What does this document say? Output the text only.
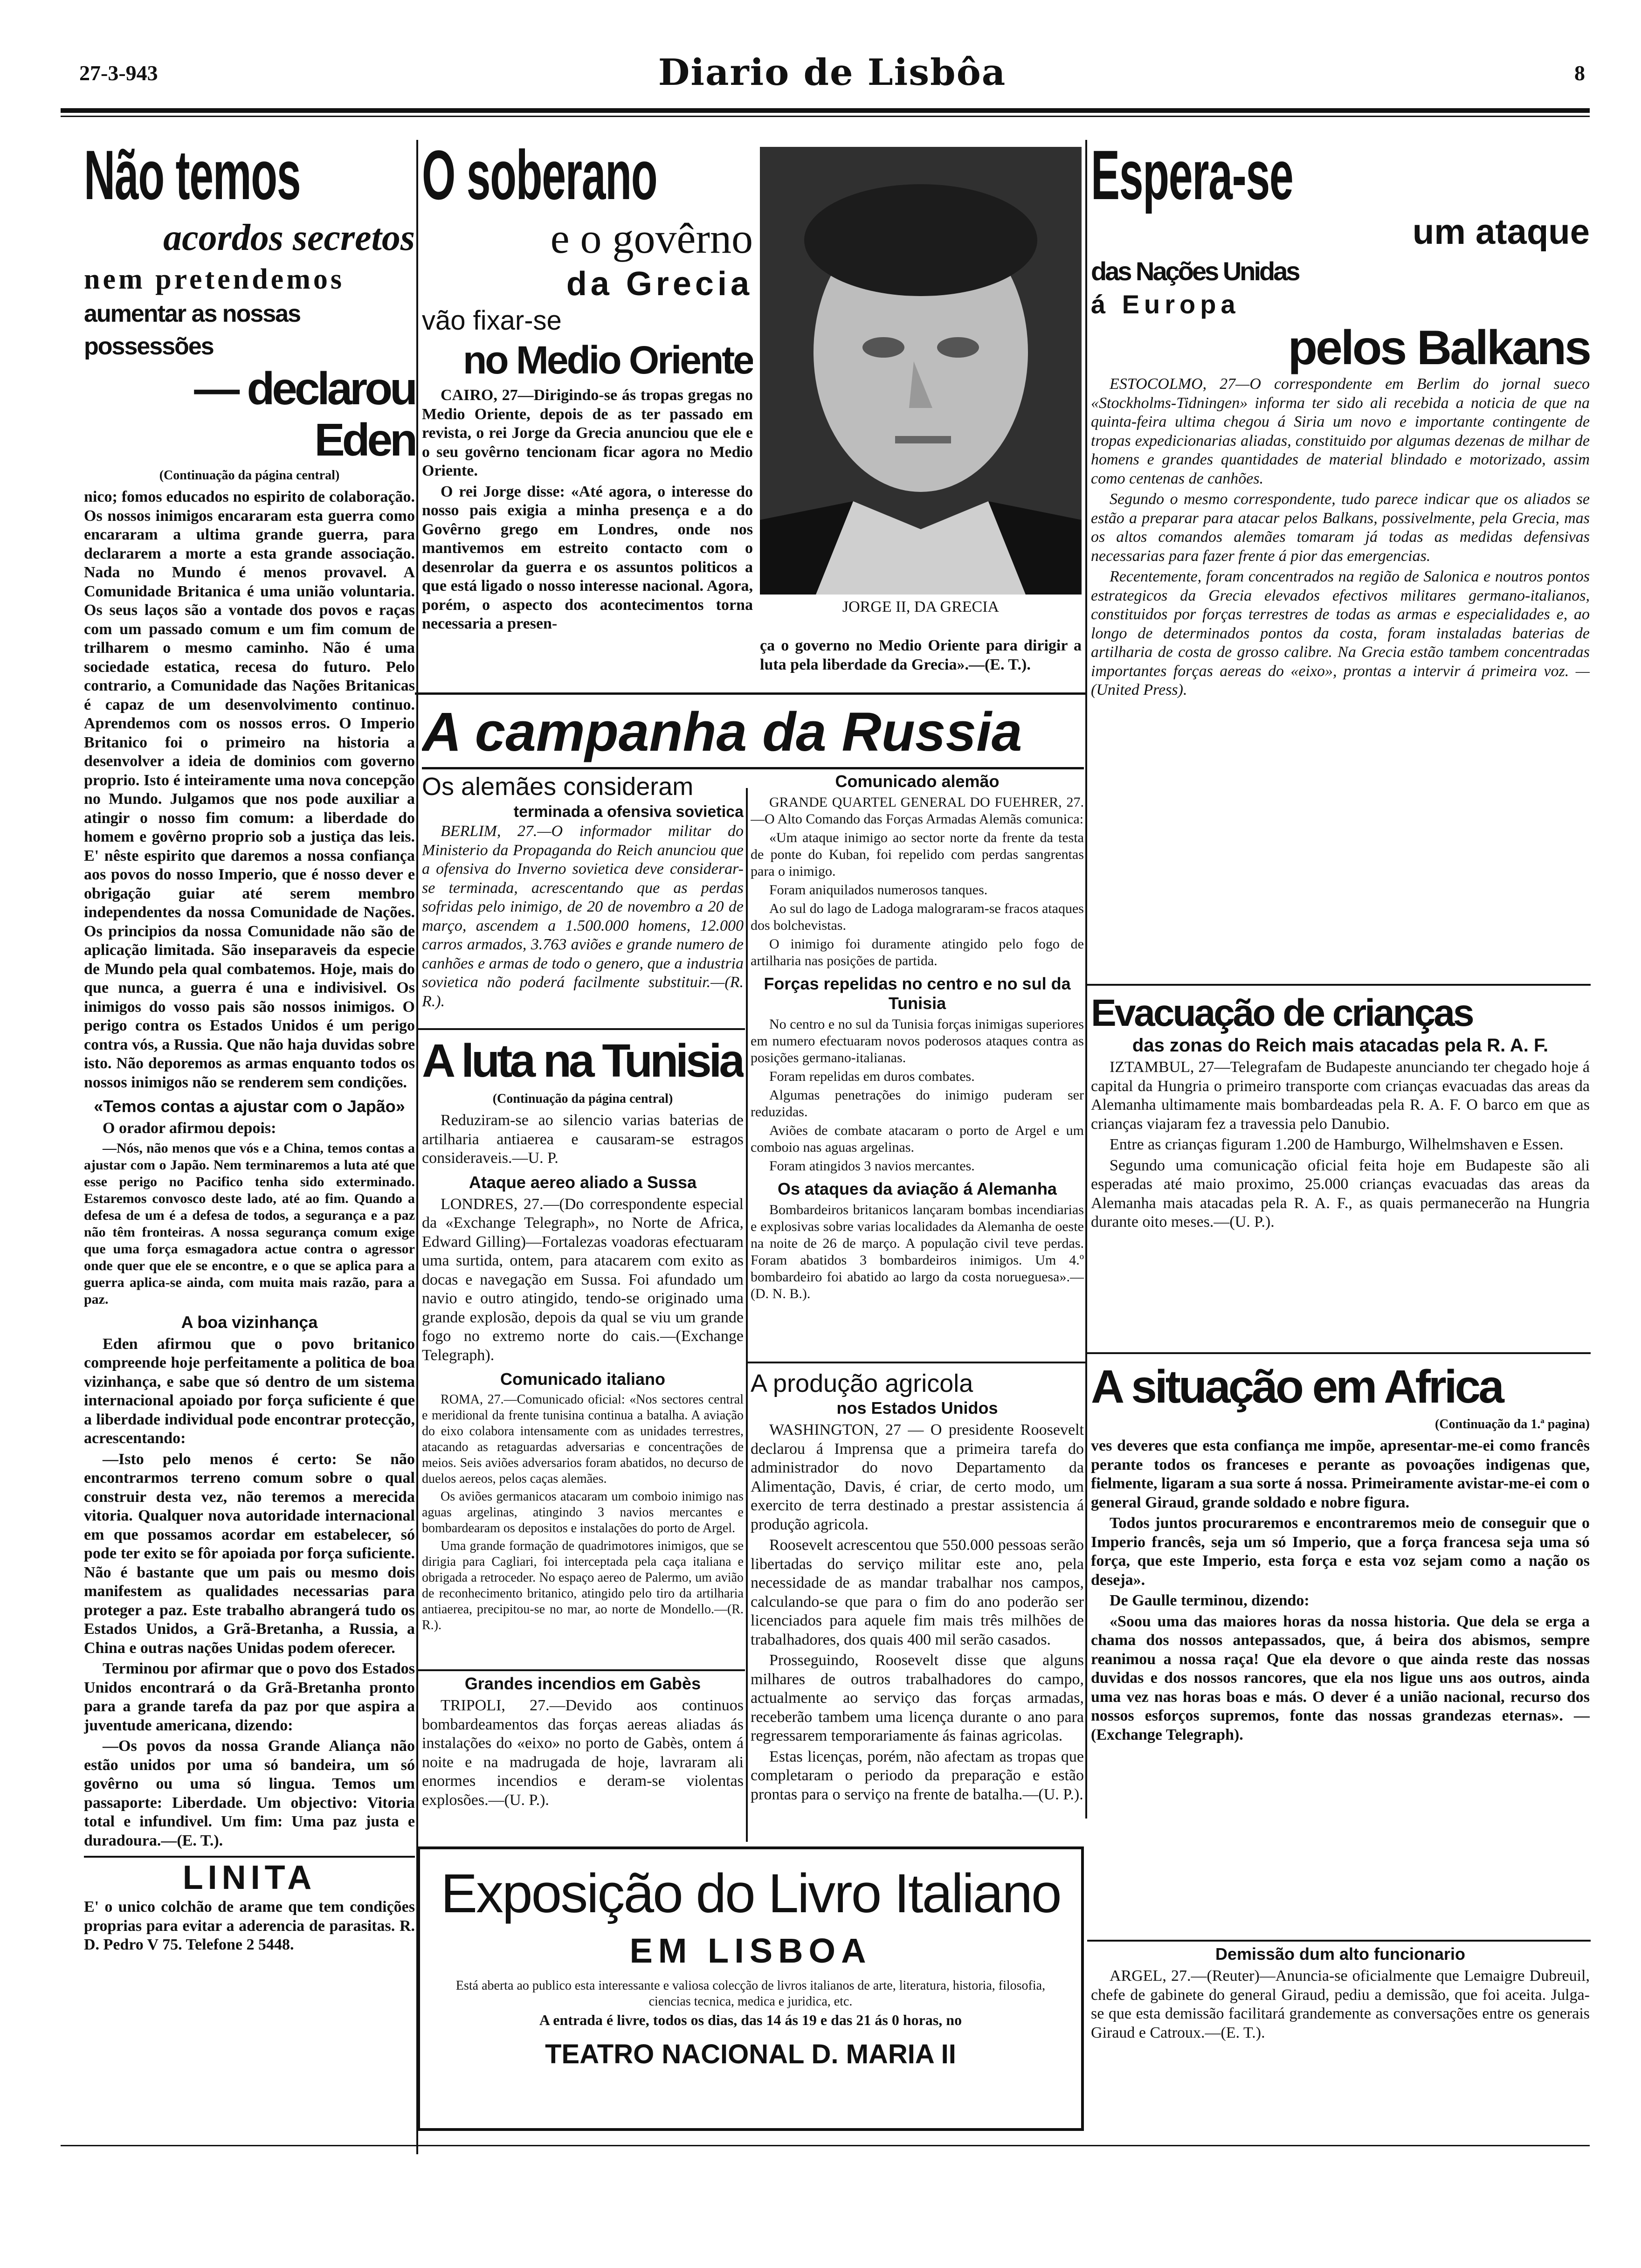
27-3-943	Diario de Lisbôa	8
Não temos
acordos secretos
nem pretendemos
aumentar as nossas possessões
— declarou Eden
(Continuação da página central)

nico; fomos educados no espirito de colaboração. Os nossos inimigos encararam esta guerra como encararam a ultima grande guerra, para declararem a morte a esta grande associação. Nada no Mundo é menos provavel. A Comunidade Britanica é uma união voluntaria. Os seus laços são a vontade dos povos e raças com um passado comum e um fim comum de trilharem o mesmo caminho. Não é uma sociedade estatica, recesa do futuro. Pelo contrario, a Comunidade das Nações Britanicas é capaz de um desenvolvimento continuo. Aprendemos com os nossos erros. O Imperio Britanico foi o primeiro na historia a desenvolver a ideia de dominios com governo proprio. Isto é inteiramente uma nova concepção no Mundo. Julgamos que nos pode auxiliar a atingir o nosso fim comum: a liberdade do homem e govêrno proprio sob a justiça das leis. E' nêste espirito que daremos a nossa confiança aos povos do nosso Imperio, que é nosso dever e obrigação guiar até serem membro independentes da nossa Comunidade de Nações. Os principios da nossa Comunidade não são de aplicação limitada. São inseparaveis da especie de Mundo pela qual combatemos. Hoje, mais do que nunca, a guerra é una e indivisivel. Os inimigos do vosso pais são nossos inimigos. O perigo contra os Estados Unidos é um perigo contra vós, a Russia. Que não haja duvidas sobre isto. Não deporemos as armas enquanto todos os nossos inimigos não se renderem sem condições.

«Temos contas a ajustar com o Japão»

O orador afirmou depois:

—Nós, não menos que vós e a China, temos contas a ajustar com o Japão. Nem terminaremos a luta até que esse perigo no Pacifico tenha sido exterminado. Estaremos convosco deste lado, até ao fim. Quando a defesa de um é a defesa de todos, a segurança e a paz não têm fronteiras. A nossa segurança comum exige que uma força esmagadora actue contra o agressor onde quer que ele se encontre, e o que se aplica para a guerra aplica-se ainda, com muita mais razão, para a paz.

A boa vizinhança

Eden afirmou que o povo britanico compreende hoje perfeitamente a politica de boa vizinhança, e sabe que só dentro de um sistema internacional apoiado por força suficiente é que a liberdade individual pode encontrar protecção, acrescentando:

—Isto pelo menos é certo: Se não encontrarmos terreno comum sobre o qual construir desta vez, não teremos a merecida vitoria. Qualquer nova autoridade internacional em que possamos acordar em estabelecer, só pode ter exito se fôr apoiada por força suficiente. Não é bastante que um pais ou mesmo dois manifestem as qualidades necessarias para proteger a paz. Este trabalho abrangerá tudo os Estados Unidos, a Grã-Bretanha, a Russia, a China e outras nações Unidas podem oferecer.

Terminou por afirmar que o povo dos Estados Unidos encontrará o da Grã-Bretanha pronto para a grande tarefa da paz por que aspira a juventude americana, dizendo:

—Os povos da nossa Grande Aliança não estão unidos por uma só bandeira, um só govêrno ou uma só lingua. Temos um passaporte: Liberdade. Um objectivo: Vitoria total e infundivel. Um fim: Uma paz justa e duradoura.—(E. T.).

LINITA
E' o unico colchão de arame que tem condições proprias para evitar a aderencia de parasitas. R. D. Pedro V 75. Telefone 2 5448.
O soberano
e o govêrno
da Grecia
vão fixar-se
no Medio Oriente

CAIRO, 27—Dirigindo-se ás tropas gregas no Medio Oriente, depois de as ter passado em revista, o rei Jorge da Grecia anunciou que ele e o seu govêrno tencionam ficar agora no Medio Oriente.

O rei Jorge disse: «Até agora, o interesse do nosso pais exigia a minha presença e a do Govêrno grego em Londres, onde nos mantivemos em estreito contacto com o desenrolar da guerra e os assuntos politicos a que está ligado o nosso interesse nacional. Agora, porém, o aspecto dos acontecimentos torna necessaria a presen-

JORGE II, DA GRECIA
ça o governo no Medio Oriente para dirigir a luta pela liberdade da Grecia».—(E. T.).
A campanha da Russia
Os alemães consideram
terminada a ofensiva sovietica

BERLIM, 27.—O informador militar do Ministerio da Propaganda do Reich anunciou que a ofensiva do Inverno sovietica deve considerar-se terminada, acrescentando que as perdas sofridas pelo inimigo, de 20 de novembro a 20 de março, ascendem a 1.500.000 homens, 12.000 carros armados, 3.763 aviões e grande numero de canhões e armas de todo o genero, que a industria sovietica não poderá facilmente substituir.—(R. R.).

Comunicado alemão

GRANDE QUARTEL GENERAL DO FUEHRER, 27.—O Alto Comando das Forças Armadas Alemãs comunica:

«Um ataque inimigo ao sector norte da frente da testa de ponte do Kuban, foi repelido com perdas sangrentas para o inimigo.

Foram aniquilados numerosos tanques.

Ao sul do lago de Ladoga malograram-se fracos ataques dos bolchevistas.

O inimigo foi duramente atingido pelo fogo de artilharia nas posições de partida.

Forças repelidas no centro e no sul da Tunisia

No centro e no sul da Tunisia forças inimigas superiores em numero efectuaram novos poderosos ataques contra as posições germano-italianas.

Foram repelidas em duros combates.

Algumas penetrações do inimigo puderam ser reduzidas.

Aviões de combate atacaram o porto de Argel e um comboio nas aguas argelinas.

Foram atingidos 3 navios mercantes.

Os ataques da aviação á Alemanha

Bombardeiros britanicos lançaram bombas incendiarias e explosivas sobre varias localidades da Alemanha de oeste na noite de 26 de março. A população civil teve perdas. Foram abatidos 3 bombardeiros inimigos. Um 4.º bombardeiro foi abatido ao largo da costa norueguesa».—(D. N. B.).

A luta na Tunisia
(Continuação da página central)

Reduziram-se ao silencio varias baterias de artilharia antiaerea e causaram-se estragos consideraveis.—U. P.

Ataque aereo aliado a Sussa

LONDRES, 27.—(Do correspondente especial da «Exchange Telegraph», no Norte de Africa, Edward Gilling)—Fortalezas voadoras efectuaram uma surtida, ontem, para atacarem com exito as docas e navegação em Sussa. Foi afundado um navio e outro atingido, tendo-se originado uma grande explosão, depois da qual se viu um grande fogo no extremo norte do cais.—(Exchange Telegraph).

Comunicado italiano

ROMA, 27.—Comunicado oficial: «Nos sectores central e meridional da frente tunisina continua a batalha. A aviação do eixo colabora intensamente com as unidades terrestres, atacando as retaguardas adversarias e concentrações de meios. Seis aviões adversarios foram abatidos, no decurso de duelos aereos, pelos caças alemães.

Os aviões germanicos atacaram um comboio inimigo nas aguas argelinas, atingindo 3 navios mercantes e bombardearam os depositos e instalações do porto de Argel.

Uma grande formação de quadrimotores inimigos, que se dirigia para Cagliari, foi interceptada pela caça italiana e obrigada a retroceder. No espaço aereo de Palermo, um avião de reconhecimento britanico, atingido pelo tiro da artilharia antiaerea, precipitou-se no mar, ao norte de Mondello.—(R. R.).

Grandes incendios em Gabès

TRIPOLI, 27.—Devido aos continuos bombardeamentos das forças aereas aliadas ás instalações do «eixo» no porto de Gabès, ontem á noite e na madrugada de hoje, lavraram ali enormes incendios e deram-se violentas explosões.—(U. P.).

A produção agricola
nos Estados Unidos

WASHINGTON, 27 — O presidente Roosevelt declarou á Imprensa que a primeira tarefa do administrador do novo Departamento da Alimentação, Davis, é criar, de certo modo, um exercito de terra destinado a prestar assistencia á produção agricola.

Roosevelt acrescentou que 550.000 pessoas serão libertadas do serviço militar este ano, pela necessidade de as mandar trabalhar nos campos, calculando-se que para o fim do ano poderão ser licenciados para aquele fim mais três milhões de trabalhadores, dos quais 400 mil serão casados.

Prosseguindo, Roosevelt disse que alguns milhares de outros trabalhadores do campo, actualmente ao serviço das forças armadas, receberão tambem uma licença durante o ano para regressarem temporariamente ás fainas agricolas.

Estas licenças, porém, não afectam as tropas que completaram o periodo da preparação e estão prontas para o serviço na frente de batalha.—(U. P.).

Exposição do Livro Italiano
EM LISBOA
Está aberta ao publico esta interessante e valiosa colecção de livros italianos de arte, literatura, historia, filosofia, ciencias tecnica, medica e juridica, etc.
A entrada é livre, todos os dias, das 14 ás 19 e das 21 ás 0 horas, no
TEATRO NACIONAL D. MARIA II
Espera-se
um ataque
das Nações Unidas
á Europa
pelos Balkans

ESTOCOLMO, 27—O correspondente em Berlim do jornal sueco «Stockholms-Tidningen» informa ter sido ali recebida a noticia de que na quinta-feira ultima chegou á Siria um novo e importante contingente de tropas expedicionarias aliadas, constituido por algumas dezenas de milhar de homens e grandes quantidades de material blindado e motorizado, assim como centenas de canhões.

Segundo o mesmo correspondente, tudo parece indicar que os aliados se estão a preparar para atacar pelos Balkans, possivelmente, pela Grecia, mas os altos comandos alemães tomaram já todas as medidas defensivas necessarias para fazer frente á pior das emergencias.

Recentemente, foram concentrados na região de Salonica e noutros pontos estrategicos da Grecia elevados efectivos militares germano-italianos, constituidos por forças terrestres de todas as armas e especialidades e, ao longo de determinados pontos da costa, foram instaladas baterias de artilharia de costa de grosso calibre. Na Grecia estão tambem concentradas importantes forças aereas do «eixo», prontas a intervir á primeira voz. — (United Press).

Evacuação de crianças
das zonas do Reich mais atacadas pela R. A. F.

IZTAMBUL, 27—Telegrafam de Budapeste anunciando ter chegado hoje á capital da Hungria o primeiro transporte com crianças evacuadas das areas da Alemanha ultimamente mais bombardeadas pela R. A. F. O barco em que as crianças viajaram fez a travessia pelo Danubio.

Entre as crianças figuram 1.200 de Hamburgo, Wilhelmshaven e Essen.

Segundo uma comunicação oficial feita hoje em Budapeste são ali esperadas até maio proximo, 25.000 crianças evacuadas das areas da Alemanha mais atacadas pela R. A. F., as quais permanecerão na Hungria durante oito meses.—(U. P.).

A situação em Africa
(Continuação da 1.ª pagina)

ves deveres que esta confiança me impõe, apresentar-me-ei como francês perante todos os franceses e perante as povoações indigenas que, fielmente, ligaram a sua sorte á nossa. Primeiramente avistar-me-ei com o general Giraud, grande soldado e nobre figura.

Todos juntos procuraremos e encontraremos meio de conseguir que o Imperio francês, seja um só Imperio, que a força francesa seja uma só força, que este Imperio, esta força e esta voz sejam como a nação os deseja».

De Gaulle terminou, dizendo:

«Soou uma das maiores horas da nossa historia. Que dela se erga a chama dos nossos antepassados, que, á beira dos abismos, sempre reanimou a nossa raça! Que ela devore o que ainda reste das nossas duvidas e dos nossos rancores, que ela nos ligue uns aos outros, ainda uma vez nas horas boas e más. O dever é a união nacional, recurso dos nossos esforços supremos, fonte das nossas grandezas eternas». —(Exchange Telegraph).

Demissão dum alto funcionario

ARGEL, 27.—(Reuter)—Anuncia-se oficialmente que Lemaigre Dubreuil, chefe de gabinete do general Giraud, pediu a demissão, que foi aceita. Julga-se que esta demissão facilitará grandemente as conversações entre os generais Giraud e Catroux.—(E. T.).
